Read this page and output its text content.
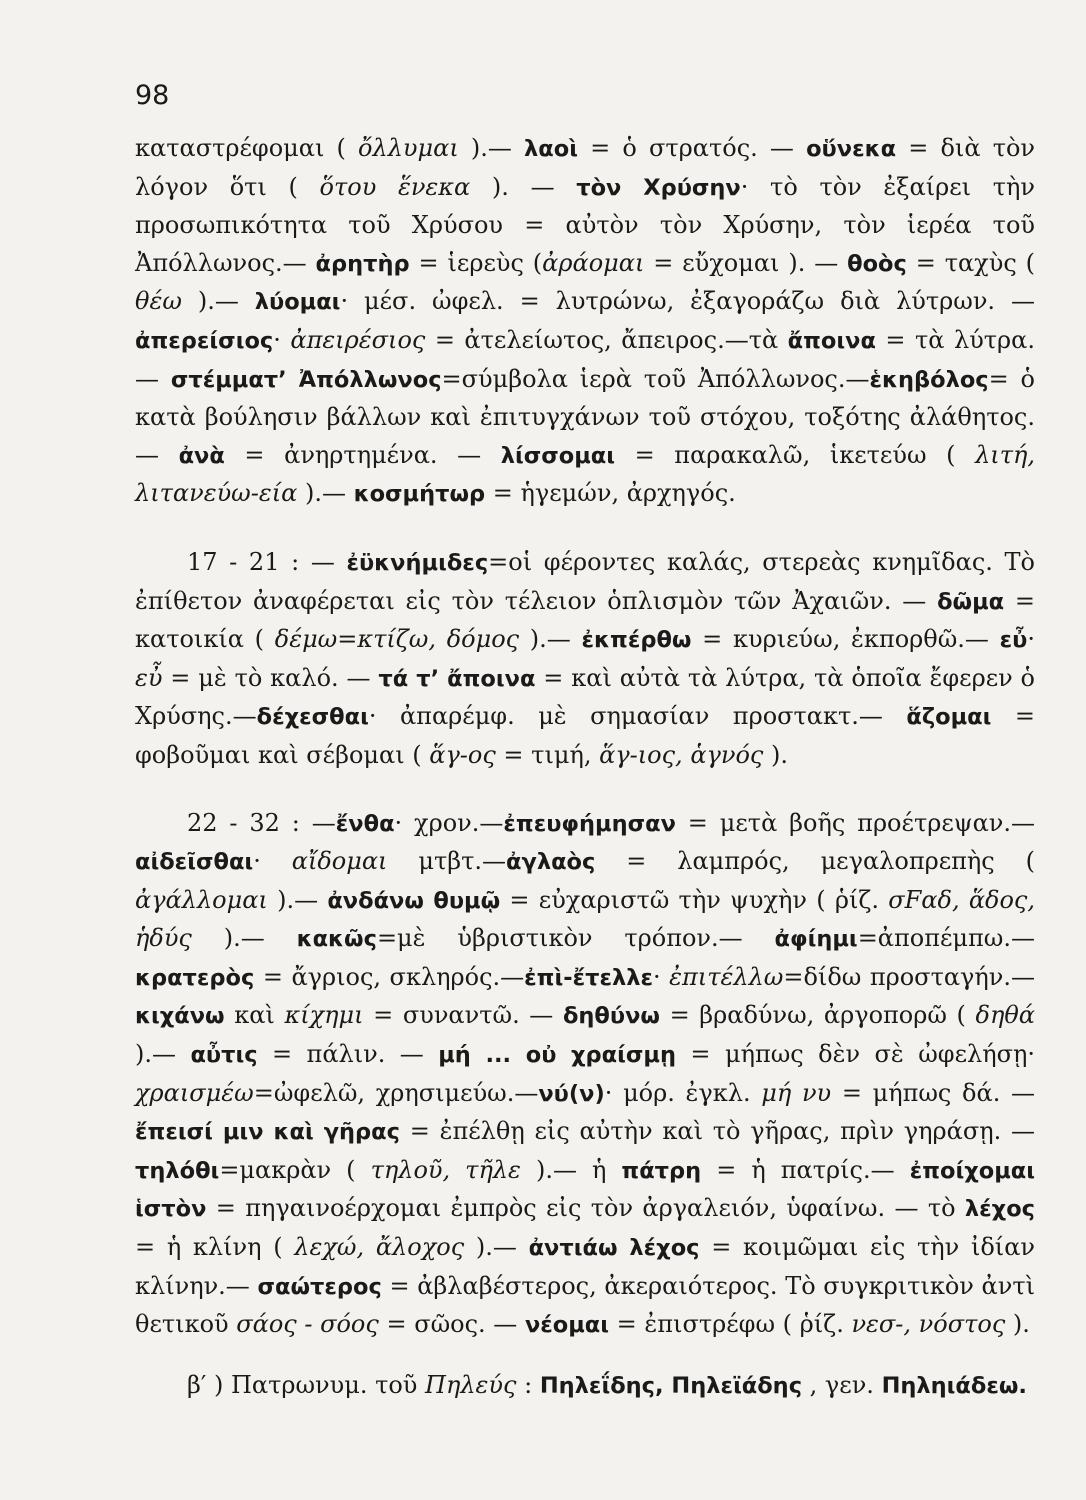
98

καταστρέφομαι ( ὄλλυμαι ).— λαοὶ = ὁ στρατός. — οὕνεκα = διὰ τὸν λόγον ὅτι ( ὅτου ἕνεκα ). — τὸν Χρύσην· τὸ τὸν ἐξαίρει τὴν προσωπικότητα τοῦ Χρύσου = αὐτὸν τὸν Χρύσην, τὸν ἱερέα τοῦ Ἀπόλλωνος.— ἀρητὴρ = ἱερεὺς (ἀράομαι = εὔχομαι ). — θοὸς = ταχὺς ( θέω ).— λύομαι· μέσ. ὠφελ. = λυτρώνω, ἐξαγοράζω διὰ λύτρων. — ἀπερείσιος· ἀπειρέσιος = ἀτελείωτος, ἄπειρος.—τὰ ἄποινα = τὰ λύτρα. — στέμματ’ Ἀπόλλωνος=σύμβολα ἱερὰ τοῦ Ἀπόλλωνος.—ἑκηβόλος= ὁ κατὰ βούλησιν βάλλων καὶ ἐπιτυγχάνων τοῦ στόχου, τοξότης ἀλάθητος.— ἀνὰ = ἀνηρτημένα. — λίσσομαι = παρακαλῶ, ἱκετεύω ( λιτή, λιτανεύω-εία ).— κοσμήτωρ = ἡγεμών, ἀρχηγός.

17 - 21 : — ἐϋκνήμιδες=οἱ φέροντες καλάς, στερεὰς κνημῖδας. Τὸ ἐπίθετον ἀναφέρεται εἰς τὸν τέλειον ὁπλισμὸν τῶν Ἀχαιῶν. — δῶμα = κατοικία ( δέμω=κτίζω, δόμος ).— ἐκπέρθω = κυριεύω, ἐκπορθῶ.— εὖ· εὖ = μὲ τὸ καλό. — τά τ’ ἄποινα = καὶ αὐτὰ τὰ λύτρα, τὰ ὁποῖα ἔφερεν ὁ Χρύσης.—δέχεσθαι· ἀπαρέμφ. μὲ σημασίαν προστακτ.— ἅζομαι = φοβοῦμαι καὶ σέβομαι ( ἅγ-ος = τιμή, ἅγ-ιος, ἁγνός ).

22 - 32 : —ἔνθα· χρον.—ἐπευφήμησαν = μετὰ βοῆς προέτρεψαν.— αἰδεῖσθαι· αἴδομαι μτβτ.—ἀγλαὸς = λαμπρός, μεγαλοπρεπὴς ( ἀγάλλομαι ).— ἀνδάνω θυμῷ = εὐχαριστῶ τὴν ψυχὴν ( ῥίζ. σFαδ, ἅδος, ἡδύς ).— κακῶς=μὲ ὑβριστικὸν τρόπον.— ἀφίημι=ἀποπέμπω.— κρατερὸς = ἄγριος, σκληρός.—ἐπὶ-ἔτελλε· ἐπιτέλλω=δίδω προσταγήν.— κιχάνω καὶ κίχημι = συναντῶ. — δηθύνω = βραδύνω, ἀργοπορῶ ( δηθά ).— αὖτις = πάλιν. — μή ... οὐ χραίσμῃ = μήπως δὲν σὲ ὠφελήσῃ· χραισμέω=ὠφελῶ, χρησιμεύω.—νύ(ν)· μόρ. ἐγκλ. μή νυ = μήπως δά. — ἔπεισί μιν καὶ γῆρας = ἐπέλθῃ εἰς αὐτὴν καὶ τὸ γῆρας, πρὶν γηράσῃ. — τηλόθι=μακρὰν ( τηλοῦ, τῆλε ).— ἡ πάτρη = ἡ πατρίς.— ἐποίχομαι ἱστὸν = πηγαινοέρχομαι ἐμπρὸς εἰς τὸν ἀργαλειόν, ὑφαίνω. — τὸ λέχος = ἡ κλίνη ( λεχώ, ἄλοχος ).— ἀντιάω λέχος = κοιμῶμαι εἰς τὴν ἰδίαν κλίνην.— σαώτερος = ἀβλαβέστερος, ἀκεραιότερος. Τὸ συγκριτικὸν ἀντὶ θετικοῦ σάος - σόος = σῶος. — νέομαι = ἐπιστρέφω ( ῥίζ. νεσ-, νόστος ).

β′ ) Πατρωνυμ. τοῦ Πηλεύς : Πηλεΐδης, Πηλεϊάδης , γεν. Πηληιάδεω.
